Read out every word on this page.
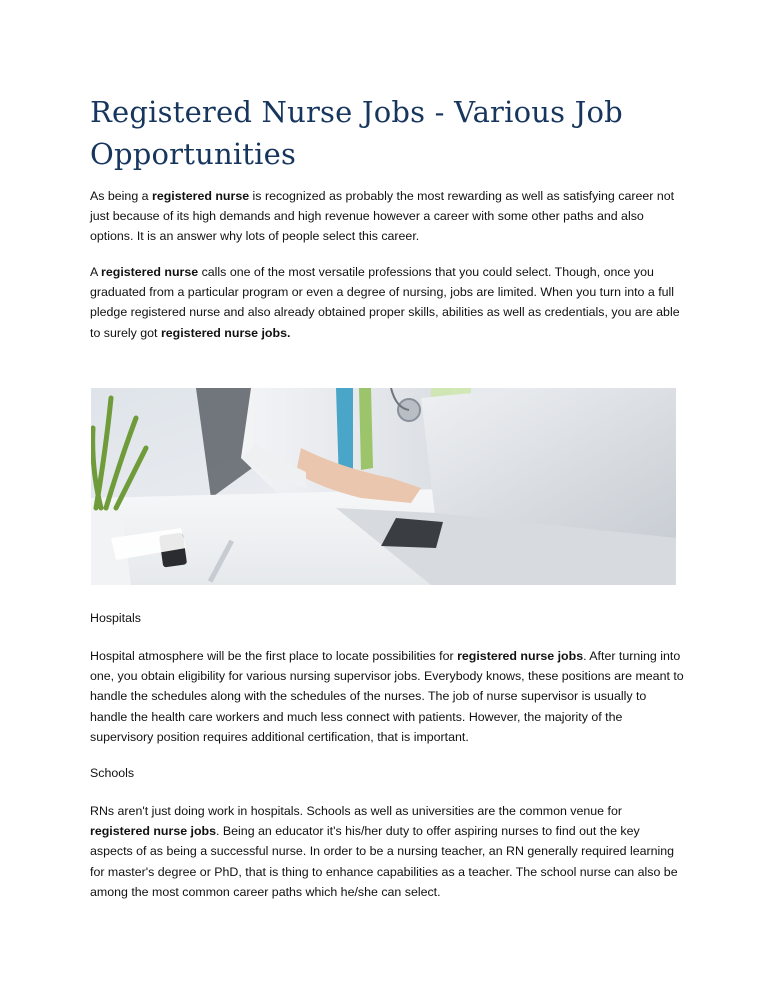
Registered Nurse Jobs - Various Job Opportunities

As being a registered nurse is recognized as probably the most rewarding as well as satisfying career not just because of its high demands and high revenue however a career with some other paths and also options. It is an answer why lots of people select this career.

A registered nurse calls one of the most versatile professions that you could select. Though, once you graduated from a particular program or even a degree of nursing, jobs are limited. When you turn into a full pledge registered nurse and also already obtained proper skills, abilities as well as credentials, you are able to surely got registered nurse jobs.

Hospitals

Hospital atmosphere will be the first place to locate possibilities for registered nurse jobs. After turning into one, you obtain eligibility for various nursing supervisor jobs. Everybody knows, these positions are meant to handle the schedules along with the schedules of the nurses. The job of nurse supervisor is usually to handle the health care workers and much less connect with patients. However, the majority of the supervisory position requires additional certification, that is important.

Schools

RNs aren't just doing work in hospitals. Schools as well as universities are the common venue for registered nurse jobs. Being an educator it's his/her duty to offer aspiring nurses to find out the key aspects of as being a successful nurse. In order to be a nursing teacher, an RN generally required learning for master's degree or PhD, that is thing to enhance capabilities as a teacher. The school nurse can also be among the most common career paths which he/she can select.
